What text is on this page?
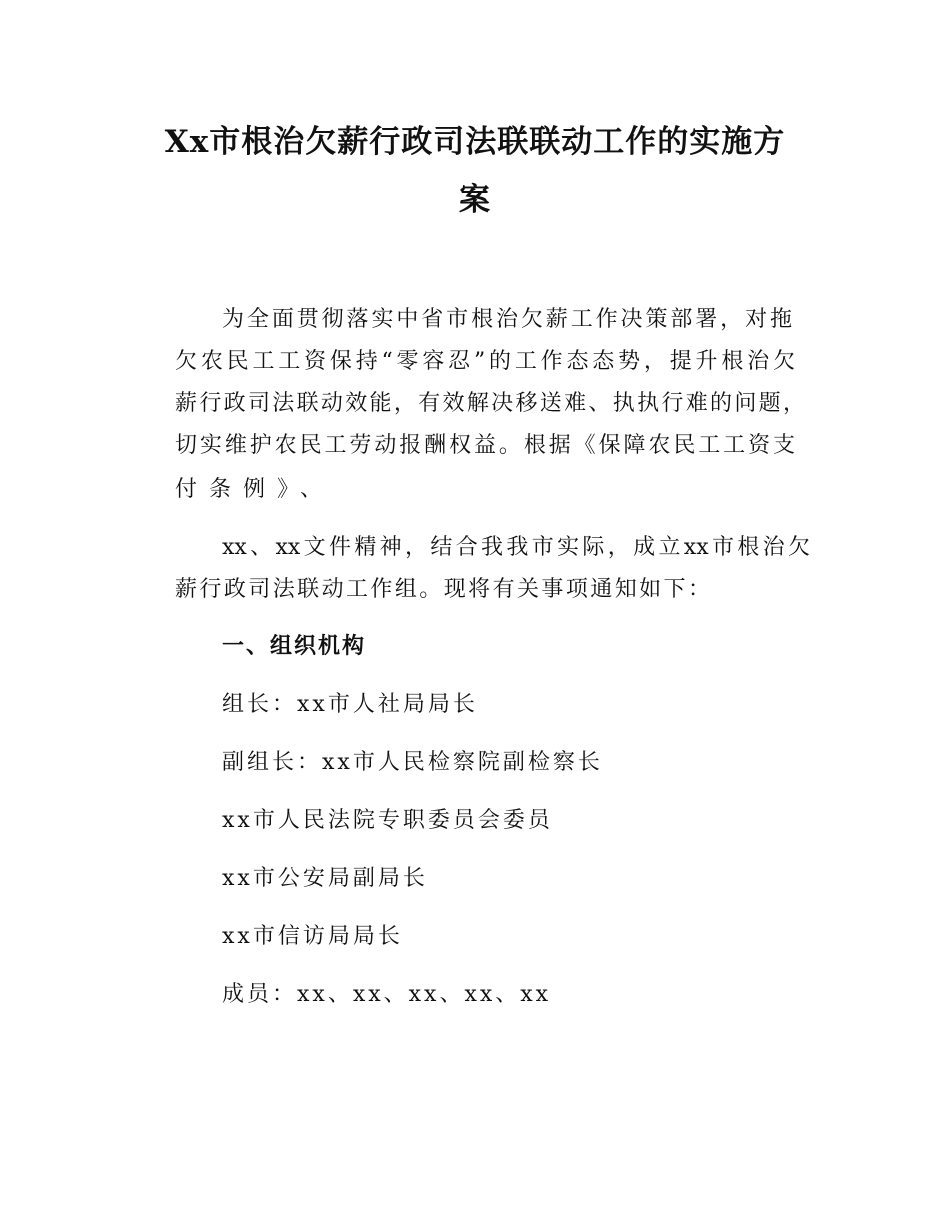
Xx市根治欠薪行政司法联联动工作的实施方
案
为全面贯彻落实中省市根治欠薪工作决策部署，对拖
欠农民工工资保持“零容忍”的工作态态势，提升根治欠
薪行政司法联动效能，有效解决移送难、执执行难的问题，
切实维护农民工劳动报酬权益。根据《保障农民工工资支
付条例》、
xx、xx文件精神，结合我我市实际，成立xx市根治欠
薪行政司法联动工作组。现将有关事项通知如下：
一、组织机构
组长：xx市人社局局长
副组长：xx市人民检察院副检察长
xx市人民法院专职委员会委员
xx市公安局副局长
xx市信访局局长
成员：xx、xx、xx、xx、xx
